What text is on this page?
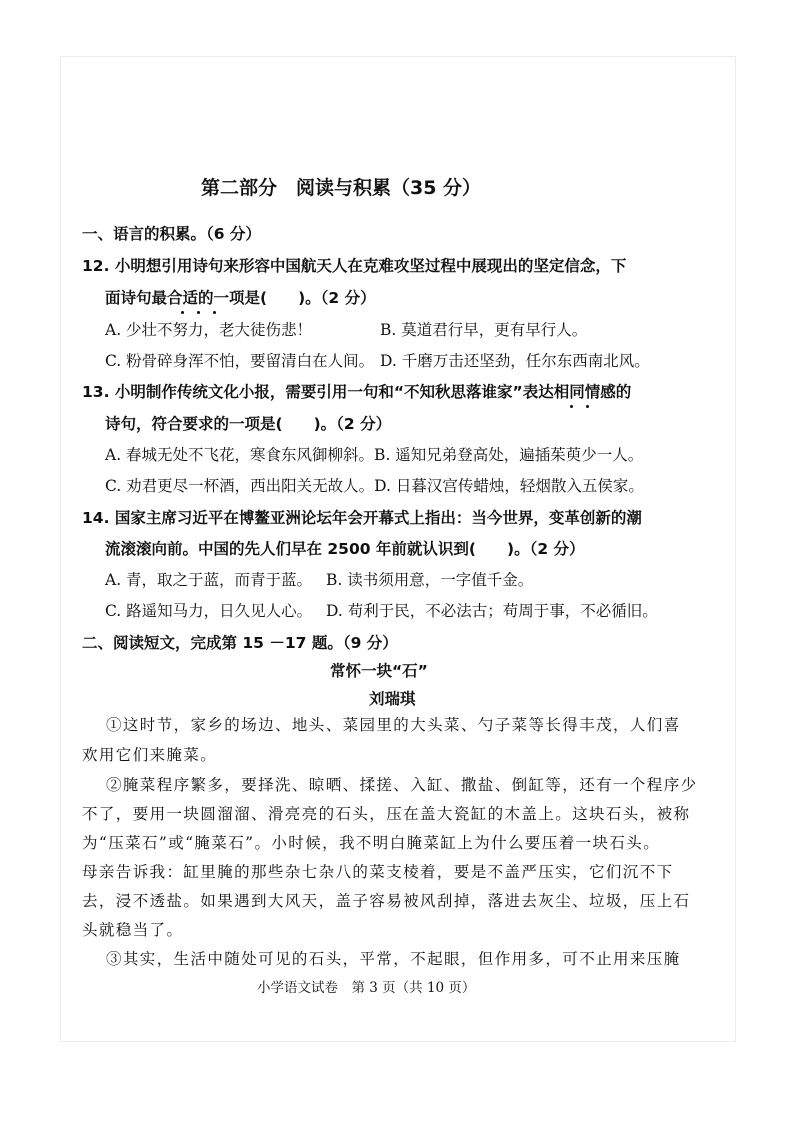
第二部分　阅读与积累（35 分）
一、语言的积累。（6 分）
12. 小明想引用诗句来形容中国航天人在克难攻坚过程中展现出的坚定信念，下
面诗句最合适的一项是(　　)。（2 分）
A. 少壮不努力，老大徒伤悲！	B. 莫道君行早，更有早行人。
C. 粉骨碎身浑不怕，要留清白在人间。 D. 千磨万击还坚劲，任尔东西南北风。
13. 小明制作传统文化小报，需要引用一句和“不知秋思落谁家”表达相同情感的
诗句，符合要求的一项是(　　)。（2 分）
A. 春城无处不飞花，寒食东风御柳斜。B. 遥知兄弟登高处，遍插茱萸少一人。
C. 劝君更尽一杯酒，西出阳关无故人。D. 日暮汉宫传蜡烛，轻烟散入五侯家。
14. 国家主席习近平在博鳌亚洲论坛年会开幕式上指出：当今世界，变革创新的潮
流滚滚向前。中国的先人们早在 2500 年前就认识到(　　)。（2 分）
A. 青，取之于蓝，而青于蓝。 B. 读书须用意，一字值千金。
C. 路遥知马力，日久见人心。 D. 苟利于民，不必法古；苟周于事，不必循旧。
二、阅读短文，完成第 15 －17 题。（9 分）
常怀一块“石”
刘瑞琪
①这时节，家乡的场边、地头、菜园里的大头菜、勺子菜等长得丰茂，人们喜
欢用它们来腌菜。
②腌菜程序繁多，要择洗、晾晒、揉搓、入缸、撒盐、倒缸等，还有一个程序少
不了，要用一块圆溜溜、滑亮亮的石头，压在盖大瓷缸的木盖上。这块石头，被称
为“压菜石”或“腌菜石”。小时候，我不明白腌菜缸上为什么要压着一块石头。
母亲告诉我：缸里腌的那些杂七杂八的菜支棱着，要是不盖严压实，它们沉不下
去，浸不透盐。如果遇到大风天，盖子容易被风刮掉，落进去灰尘、垃圾，压上石
头就稳当了。
③其实，生活中随处可见的石头，平常，不起眼，但作用多，可不止用来压腌
小学语文试卷　第 3 页（共 10 页）
